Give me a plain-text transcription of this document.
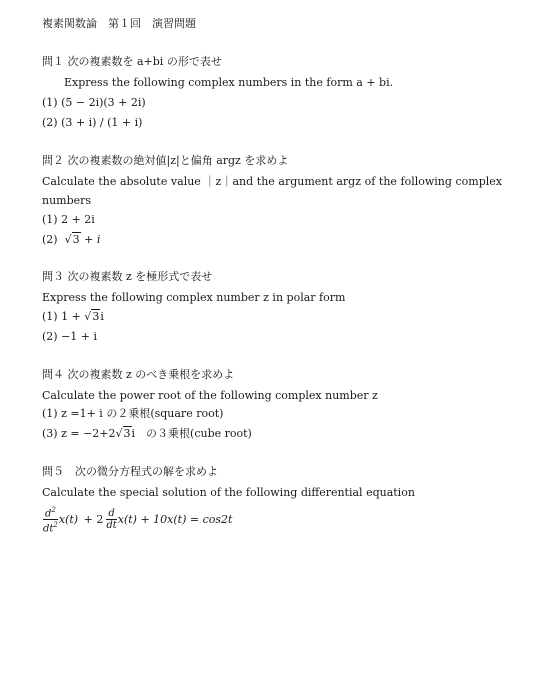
複素関数論　第１回　演習問題
問１ 次の複素数を a+bi の形で表せ
Express the following complex numbers in the form a + bi.
(1) (5 − 2i)(3 + 2i)
(2) (3 + i) / (1 + i)
問２ 次の複素数の絶対値|z|と偏角 argz を求めよ
Calculate the absolute value ｜z｜and the argument argz of the following complex
numbers
(1) 2 + 2i
(2) √3 + i
問３ 次の複素数 z を極形式で表せ
Express the following complex number z in polar form
(1) 1 + √3i
(2) −1 + i
問４ 次の複素数 z のべき乗根を求めよ
Calculate the power root of the following complex number z
(1) z =1+ i の２乗根(square root)
(3) z = −2+2√3i　の３乗根(cube root)
問５　次の微分方程式の解を求めよ
Calculate the special solution of the following differential equation
$\frac{d^2}{dt^2} x(t) + 2 \frac{d}{dt} x(t) + 10x(t) = \cos 2t$
